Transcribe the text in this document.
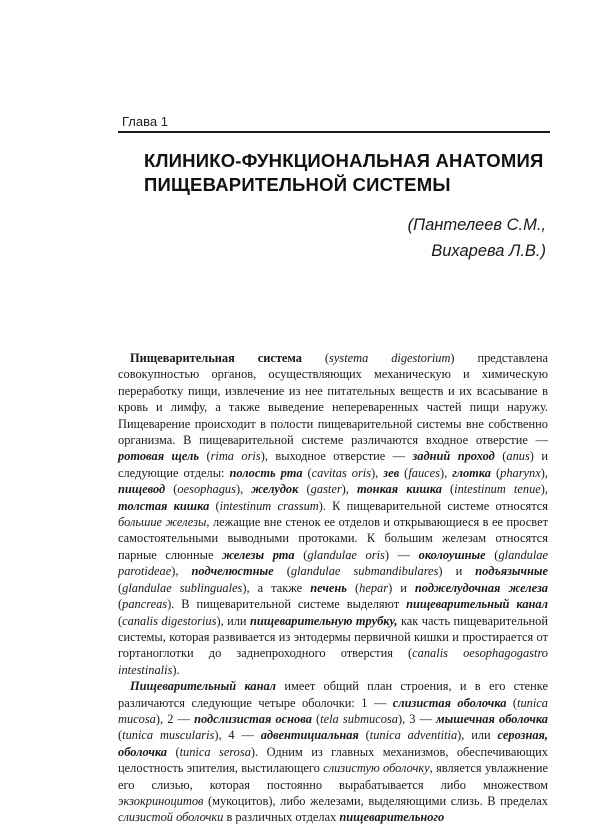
Глава 1
КЛИНИКО-ФУНКЦИОНАЛЬНАЯ АНАТОМИЯ
ПИЩЕВАРИТЕЛЬНОЙ СИСТЕМЫ
(Пантелеев С.М.,
Вихарева Л.В.)

Пищеварительная система (systema digestorium) представлена совокупностью органов, осуществляющих механическую и химическую переработку пищи, извлечение из нее питательных веществ и их всасывание в кровь и лимфу, а также выведение непереваренных частей пищи наружу. Пищеварение происходит в полости пищеварительной системы вне собственно организма. В пищеварительной системе различаются входное отверстие — ротовая щель (rima oris), выходное отверстие — задний проход (anus) и следующие отделы: полость рта (cavitas oris), зев (fauces), глотка (pharynx), пищевод (oesophagus), желудок (gaster), тонкая кишка (intestinum tenue), толстая кишка (intestinum crassum). К пищеварительной системе относятся большие железы, лежащие вне стенок ее отделов и открывающиеся в ее просвет самостоятельными выводными протоками. К большим железам относятся парные слюнные железы рта (glandulae oris) — околоушные (glandulae parotideae), подчелюстные (glandulae submandibulares) и подъязычные (glandulae sublinguales), а также печень (hepar) и поджелудочная железа (pancreas). В пищеварительной системе выделяют пищеварительный канал (canalis digestorius), или пищеварительную трубку, как часть пищеварительной системы, которая развивается из энтодермы первичной кишки и простирается от гортаноглотки до заднепроходного отверстия (canalis oesophagogastro intestinalis).

Пищеварительный канал имеет общий план строения, и в его стенке различаются следующие четыре оболочки: 1 — слизистая оболочка (tunica mucosa), 2 — подслизистая основа (tela submucosa), 3 — мышечная оболочка (tunica muscularis), 4 — адвентициальная (tunica adventitia), или серозная, оболочка (tunica serosa). Одним из главных механизмов, обеспечивающих целостность эпителия, выстилающего слизистую оболочку, является увлажнение его слизью, которая постоянно вырабатывается либо множеством экзокриноцитов (мукоцитов), либо железами, выделяющими слизь. В пределах слизистой оболочки в различных отделах пищеварительного
